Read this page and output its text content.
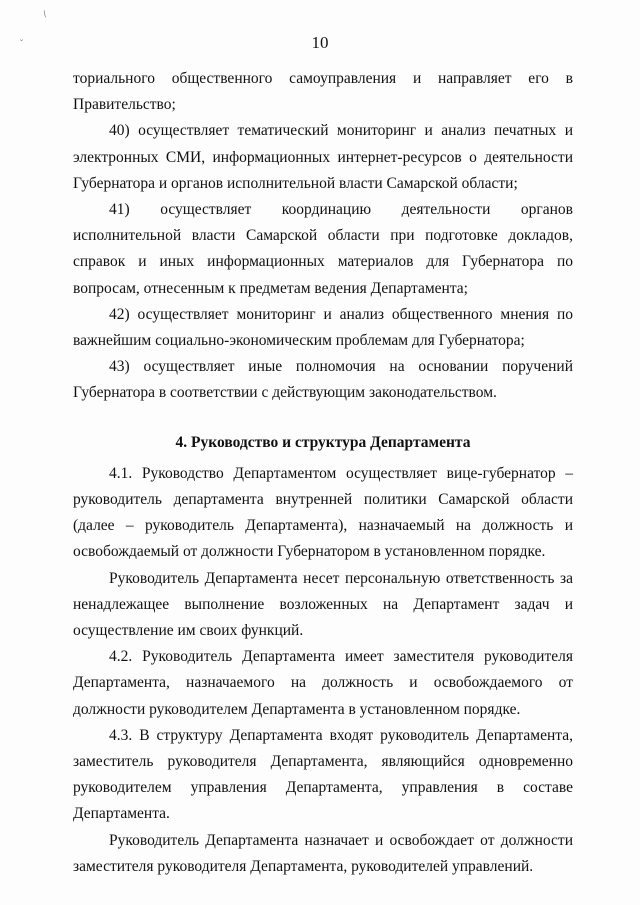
/
˘	10

ториального общественного самоуправления и направляет его в Правительство;

40) осуществляет тематический мониторинг и анализ печатных и электронных СМИ, информационных интернет-ресурсов о деятельности Губернатора и органов исполнительной власти Самарской области;

41) осуществляет координацию деятельности органов исполнительной власти Самарской области при подготовке докладов, справок и иных информационных материалов для Губернатора по вопросам, отнесенным к предметам ведения Департамента;

42) осуществляет мониторинг и анализ общественного мнения по важнейшим социально-экономическим проблемам для Губернатора;

43) осуществляет иные полномочия на основании поручений Губернатора в соответствии с действующим законодательством.

4. Руководство и структура Департамента

4.1. Руководство Департаментом осуществляет вице-губернатор – руководитель департамента внутренней политики Самарской области (далее – руководитель Департамента), назначаемый на должность и освобождаемый от должности Губернатором в установленном порядке.

Руководитель Департамента несет персональную ответственность за ненадлежащее выполнение возложенных на Департамент задач и осуществление им своих функций.

4.2. Руководитель Департамента имеет заместителя руководителя Департамента, назначаемого на должность и освобождаемого от должности руководителем Департамента в установленном порядке.

4.3. В структуру Департамента входят руководитель Департамента, заместитель руководителя Департамента, являющийся одновременно руководителем управления Департамента, управления в составе Департамента.

Руководитель Департамента назначает и освобождает от должности заместителя руководителя Департамента, руководителей управлений.
